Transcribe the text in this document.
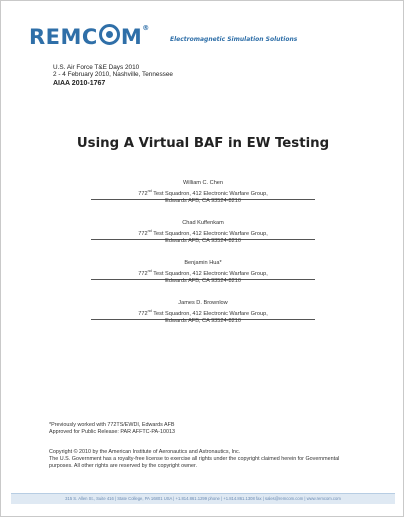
REMC M®
Electromagnetic Simulation Solutions
U.S. Air Force T&E Days 2010
2 - 4 February 2010, Nashville, Tennessee
AIAA 2010-1767
Using A Virtual BAF in EW Testing
William C. Chen
772nd Test Squadron, 412 Electronic Warfare Group,
Edwards AFB, CA 93524-8210
Chad Kuffenkam
772nd Test Squadron, 412 Electronic Warfare Group,
Edwards AFB, CA 93524-8210
Benjamin Hua*
772nd Test Squadron, 412 Electronic Warfare Group,
Edwards AFB, CA 93524-8210
James D. Brownlow
772nd Test Squadron, 412 Electronic Warfare Group,
Edwards AFB, CA 93524-8210
*Previously worked with 772TS/EWDI, Edwards AFB
Approved for Public Release: PAR AFFTC-PA-10013
Copyright © 2010 by the American Institute of Aeronautics and Astronautics, Inc.
The U.S. Government has a royalty-free license to exercise all rights under the copyright claimed herein for Governmental
purposes. All other rights are reserved by the copyright owner.
315 S. Allen St., Suite 416 | State College, PA 16801 USA | +1.814.861.1299 phone | +1.814.861.1308 fax | sales@remcom.com | www.remcom.com
